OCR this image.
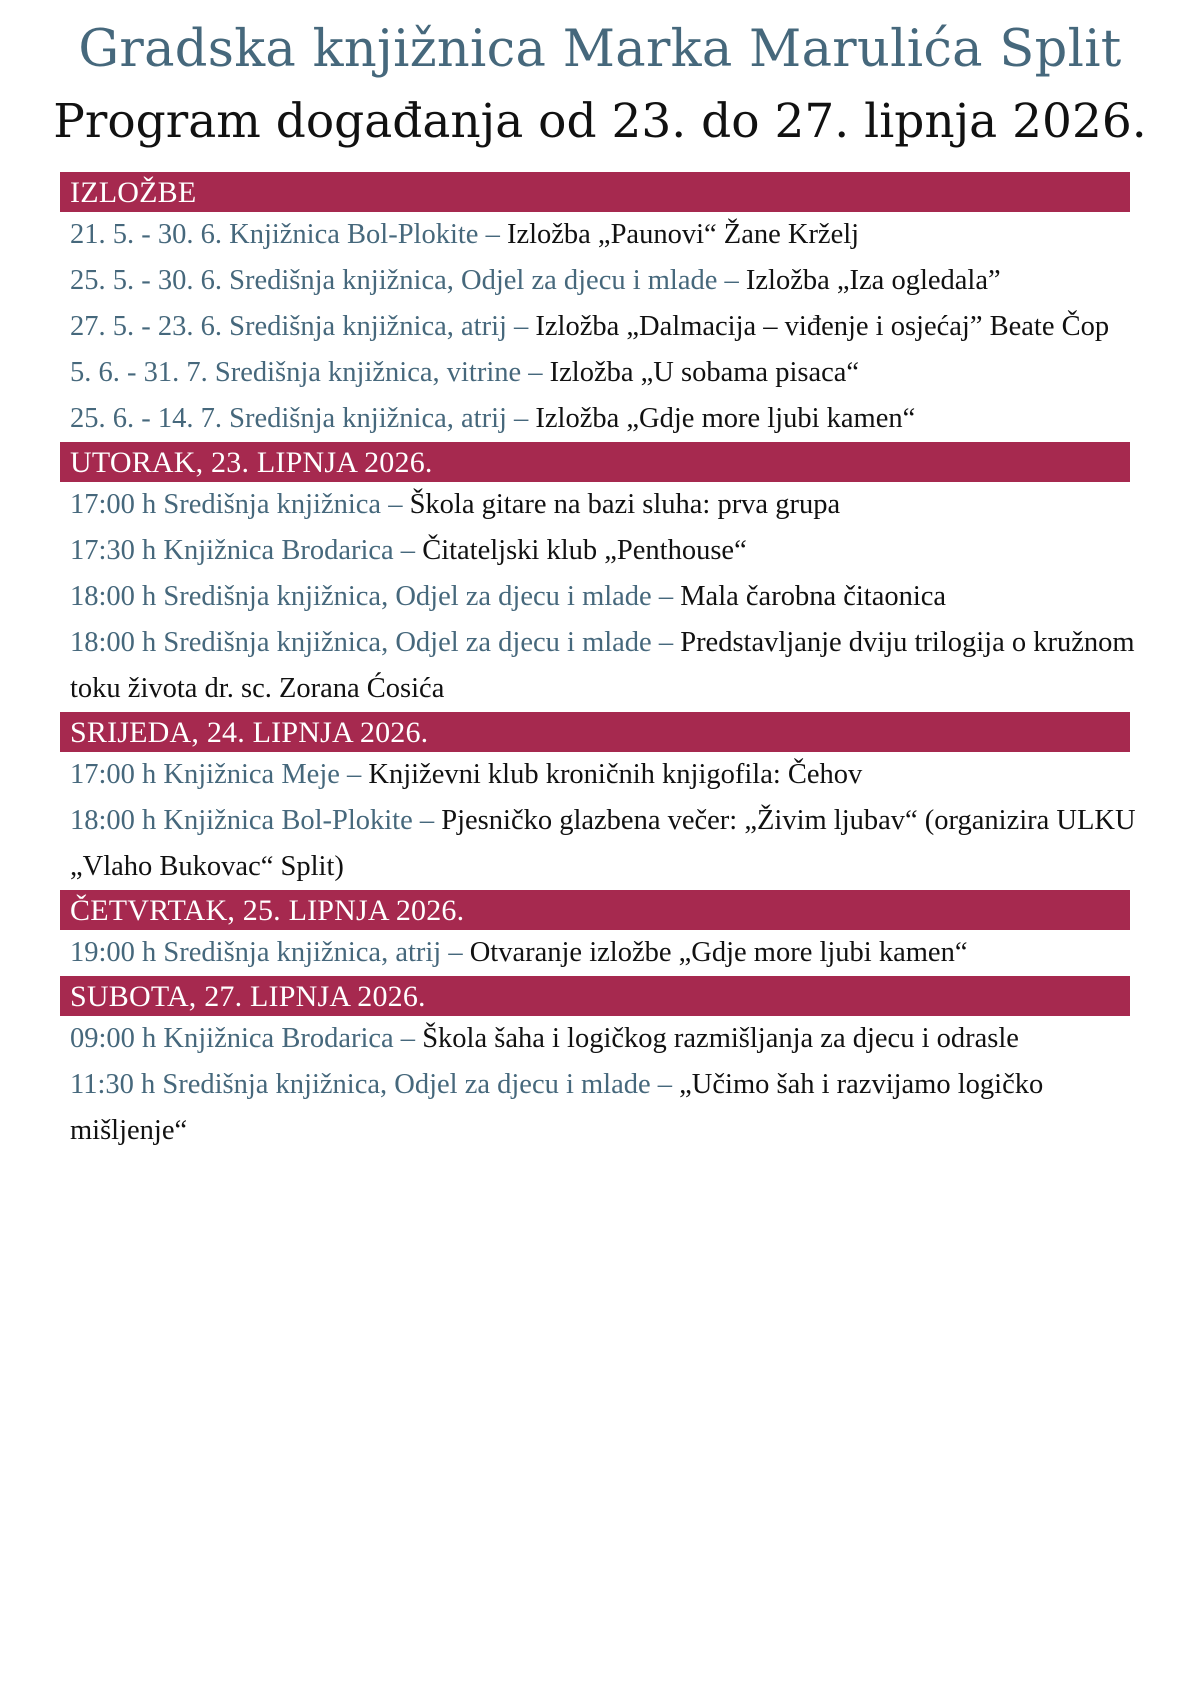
Gradska knjižnica Marka Marulića Split
Program događanja od 23. do 27. lipnja 2026.
IZLOŽBE
21. 5. - 30. 6. Knjižnica Bol-Plokite – Izložba „Paunovi“ Žane Krželj
25. 5. - 30. 6. Središnja knjižnica, Odjel za djecu i mlade – Izložba „Iza ogledala”
27. 5. - 23. 6. Središnja knjižnica, atrij – Izložba „Dalmacija – viđenje i osjećaj” Beate Čop
5. 6. - 31. 7. Središnja knjižnica, vitrine – Izložba „U sobama pisaca“
25. 6. - 14. 7. Središnja knjižnica, atrij – Izložba „Gdje more ljubi kamen“
UTORAK, 23. LIPNJA 2026.
17:00 h Središnja knjižnica – Škola gitare na bazi sluha: prva grupa
17:30 h Knjižnica Brodarica – Čitateljski klub „Penthouse“
18:00 h Središnja knjižnica, Odjel za djecu i mlade – Mala čarobna čitaonica
18:00 h Središnja knjižnica, Odjel za djecu i mlade – Predstavljanje dviju trilogija o kružnom toku života dr. sc. Zorana Ćosića
SRIJEDA, 24. LIPNJA 2026.
17:00 h Knjižnica Meje – Književni klub kroničnih knjigofila: Čehov
18:00 h Knjižnica Bol-Plokite – Pjesničko glazbena večer: „Živim ljubav“ (organizira ULKU „Vlaho Bukovac“ Split)
ČETVRTAK, 25. LIPNJA 2026.
19:00 h Središnja knjižnica, atrij – Otvaranje izložbe „Gdje more ljubi kamen“
SUBOTA, 27. LIPNJA 2026.
09:00 h Knjižnica Brodarica – Škola šaha i logičkog razmišljanja za djecu i odrasle
11:30 h Središnja knjižnica, Odjel za djecu i mlade – „Učimo šah i razvijamo logičko mišljenje“
